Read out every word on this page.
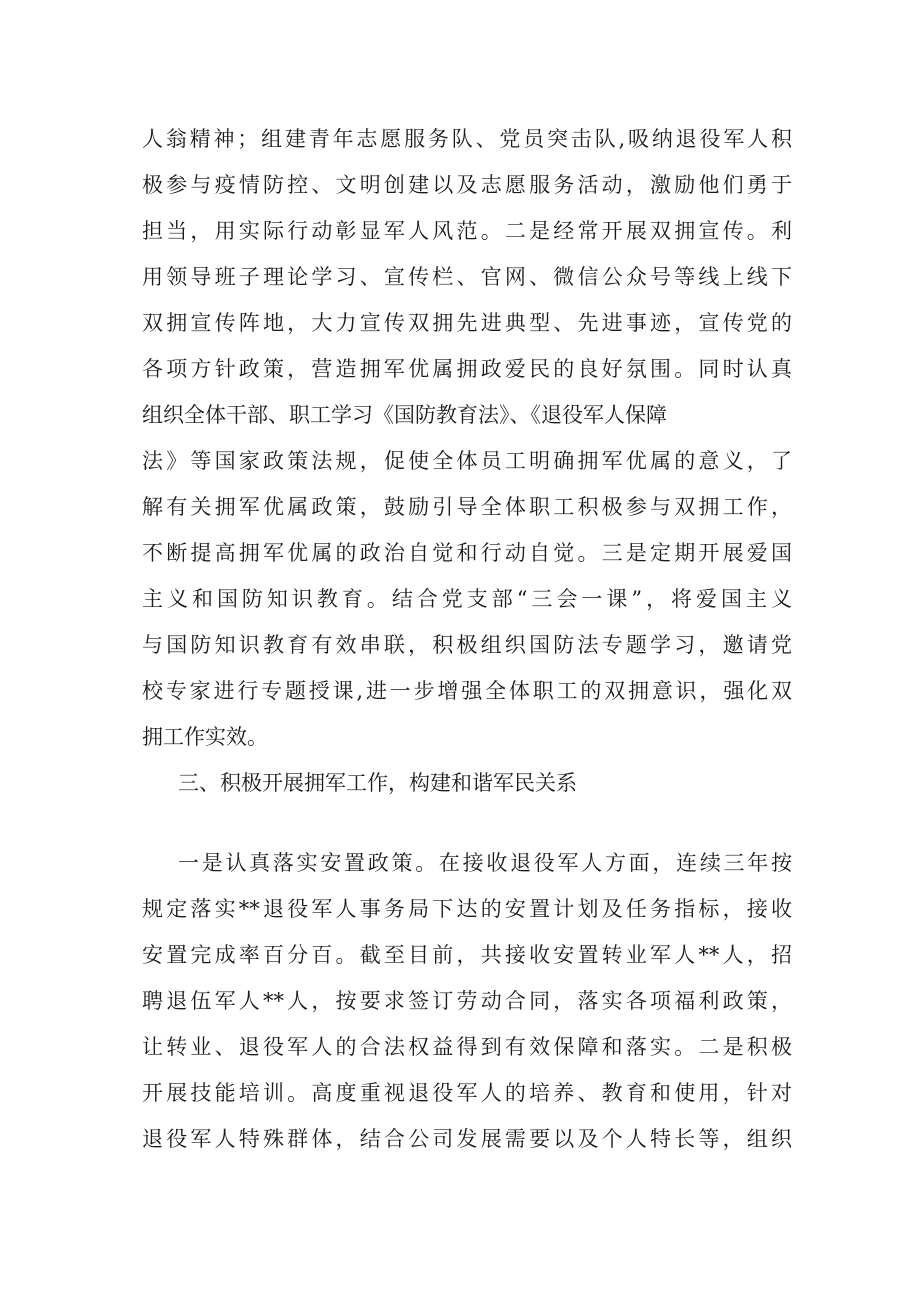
人翁精神；组建青年志愿服务队、党员突击队,吸纳退役军人积
极参与疫情防控、文明创建以及志愿服务活动，激励他们勇于
担当，用实际行动彰显军人风范。二是经常开展双拥宣传。利
用领导班子理论学习、宣传栏、官网、微信公众号等线上线下
双拥宣传阵地，大力宣传双拥先进典型、先进事迹，宣传党的
各项方针政策，营造拥军优属拥政爱民的良好氛围。同时认真
组织全体干部、职工学习《国防教育法》、《退役军人保障
法》等国家政策法规，促使全体员工明确拥军优属的意义，了
解有关拥军优属政策，鼓励引导全体职工积极参与双拥工作，
不断提高拥军优属的政治自觉和行动自觉。三是定期开展爱国
主义和国防知识教育。结合党支部“三会一课”，将爱国主义
与国防知识教育有效串联，积极组织国防法专题学习，邀请党
校专家进行专题授课,进一步增强全体职工的双拥意识，强化双
拥工作实效。
三、积极开展拥军工作，构建和谐军民关系
一是认真落实安置政策。在接收退役军人方面，连续三年按
规定落实**退役军人事务局下达的安置计划及任务指标，接收
安置完成率百分百。截至目前，共接收安置转业军人**人，招
聘退伍军人**人，按要求签订劳动合同，落实各项福利政策，
让转业、退役军人的合法权益得到有效保障和落实。二是积极
开展技能培训。高度重视退役军人的培养、教育和使用，针对
退役军人特殊群体，结合公司发展需要以及个人特长等，组织
